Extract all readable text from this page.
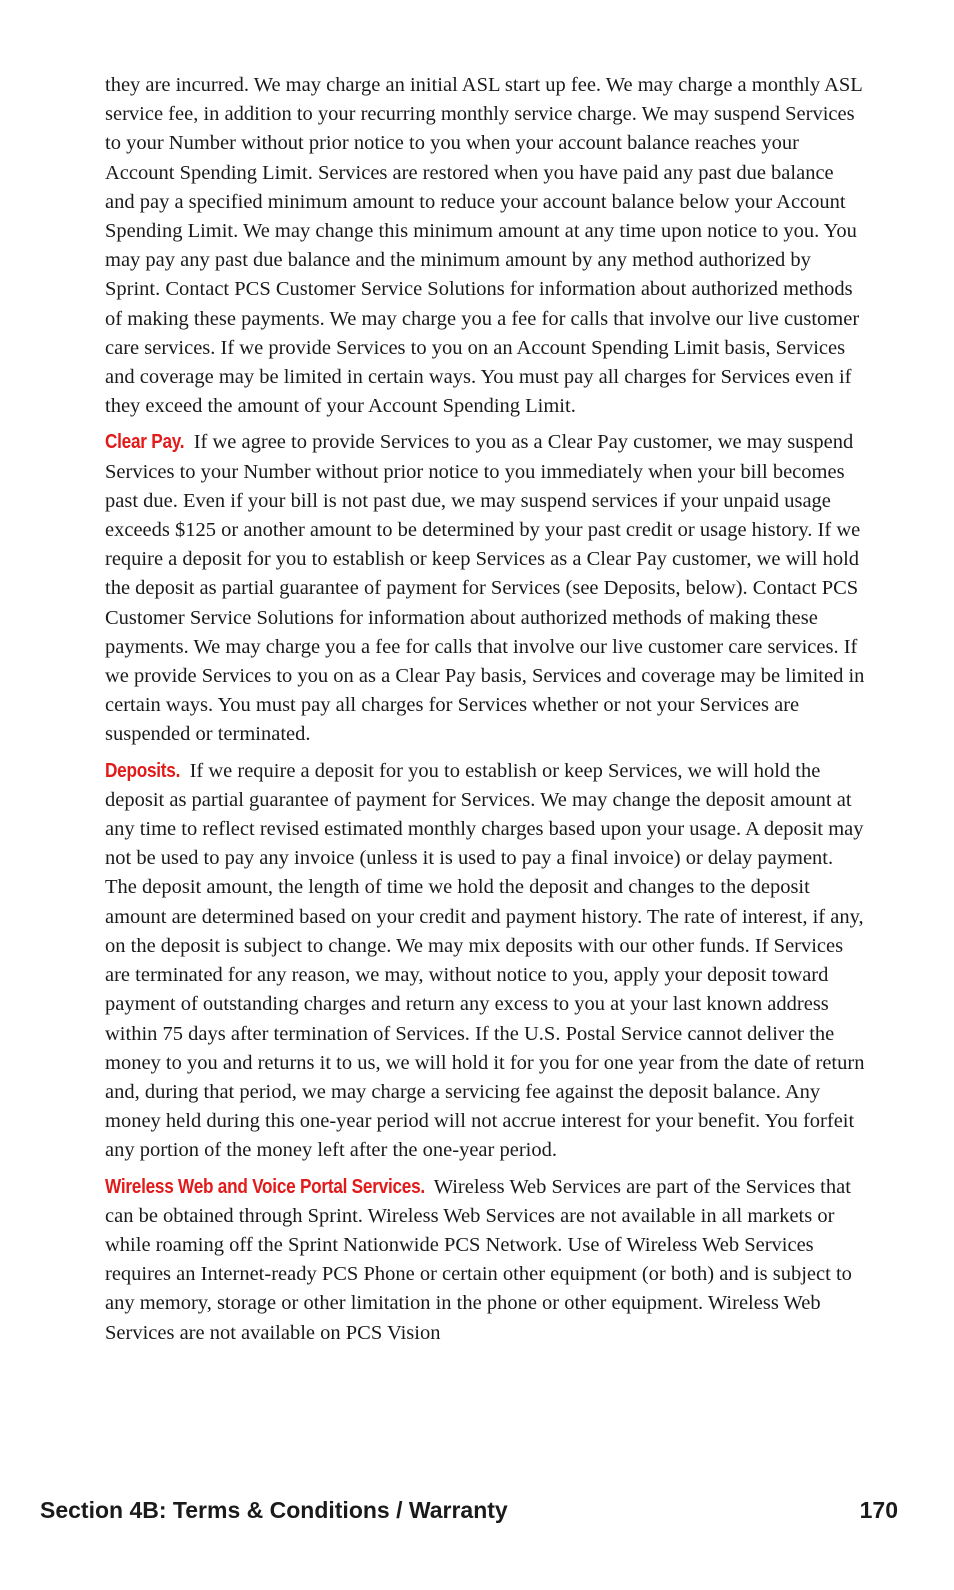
they are incurred. We may charge an initial ASL start up fee. We may charge a monthly ASL service fee, in addition to your recurring monthly service charge. We may suspend Services to your Number without prior notice to you when your account balance reaches your Account Spending Limit. Services are restored when you have paid any past due balance and pay a specified minimum amount to reduce your account balance below your Account Spending Limit. We may change this minimum amount at any time upon notice to you. You may pay any past due balance and the minimum amount by any method authorized by Sprint. Contact PCS Customer Service Solutions for information about authorized methods of making these payments. We may charge you a fee for calls that involve our live customer care services. If we provide Services to you on an Account Spending Limit basis, Services and coverage may be limited in certain ways. You must pay all charges for Services even if they exceed the amount of your Account Spending Limit.

Clear Pay. If we agree to provide Services to you as a Clear Pay customer, we may suspend Services to your Number without prior notice to you immediately when your bill becomes past due. Even if your bill is not past due, we may suspend services if your unpaid usage exceeds $125 or another amount to be determined by your past credit or usage history. If we require a deposit for you to establish or keep Services as a Clear Pay customer, we will hold the deposit as partial guarantee of payment for Services (see Deposits, below). Contact PCS Customer Service Solutions for information about authorized methods of making these payments. We may charge you a fee for calls that involve our live customer care services. If we provide Services to you on as a Clear Pay basis, Services and coverage may be limited in certain ways. You must pay all charges for Services whether or not your Services are suspended or terminated.

Deposits. If we require a deposit for you to establish or keep Services, we will hold the deposit as partial guarantee of payment for Services. We may change the deposit amount at any time to reflect revised estimated monthly charges based upon your usage. A deposit may not be used to pay any invoice (unless it is used to pay a final invoice) or delay payment. The deposit amount, the length of time we hold the deposit and changes to the deposit amount are determined based on your credit and payment history. The rate of interest, if any, on the deposit is subject to change. We may mix deposits with our other funds. If Services are terminated for any reason, we may, without notice to you, apply your deposit toward payment of outstanding charges and return any excess to you at your last known address within 75 days after termination of Services. If the U.S. Postal Service cannot deliver the money to you and returns it to us, we will hold it for you for one year from the date of return and, during that period, we may charge a servicing fee against the deposit balance. Any money held during this one-year period will not accrue interest for your benefit. You forfeit any portion of the money left after the one-year period.

Wireless Web and Voice Portal Services. Wireless Web Services are part of the Services that can be obtained through Sprint. Wireless Web Services are not available in all markets or while roaming off the Sprint Nationwide PCS Network. Use of Wireless Web Services requires an Internet-ready PCS Phone or certain other equipment (or both) and is subject to any memory, storage or other limitation in the phone or other equipment. Wireless Web Services are not available on PCS Vision

Section 4B: Terms & Conditions / Warranty	170
